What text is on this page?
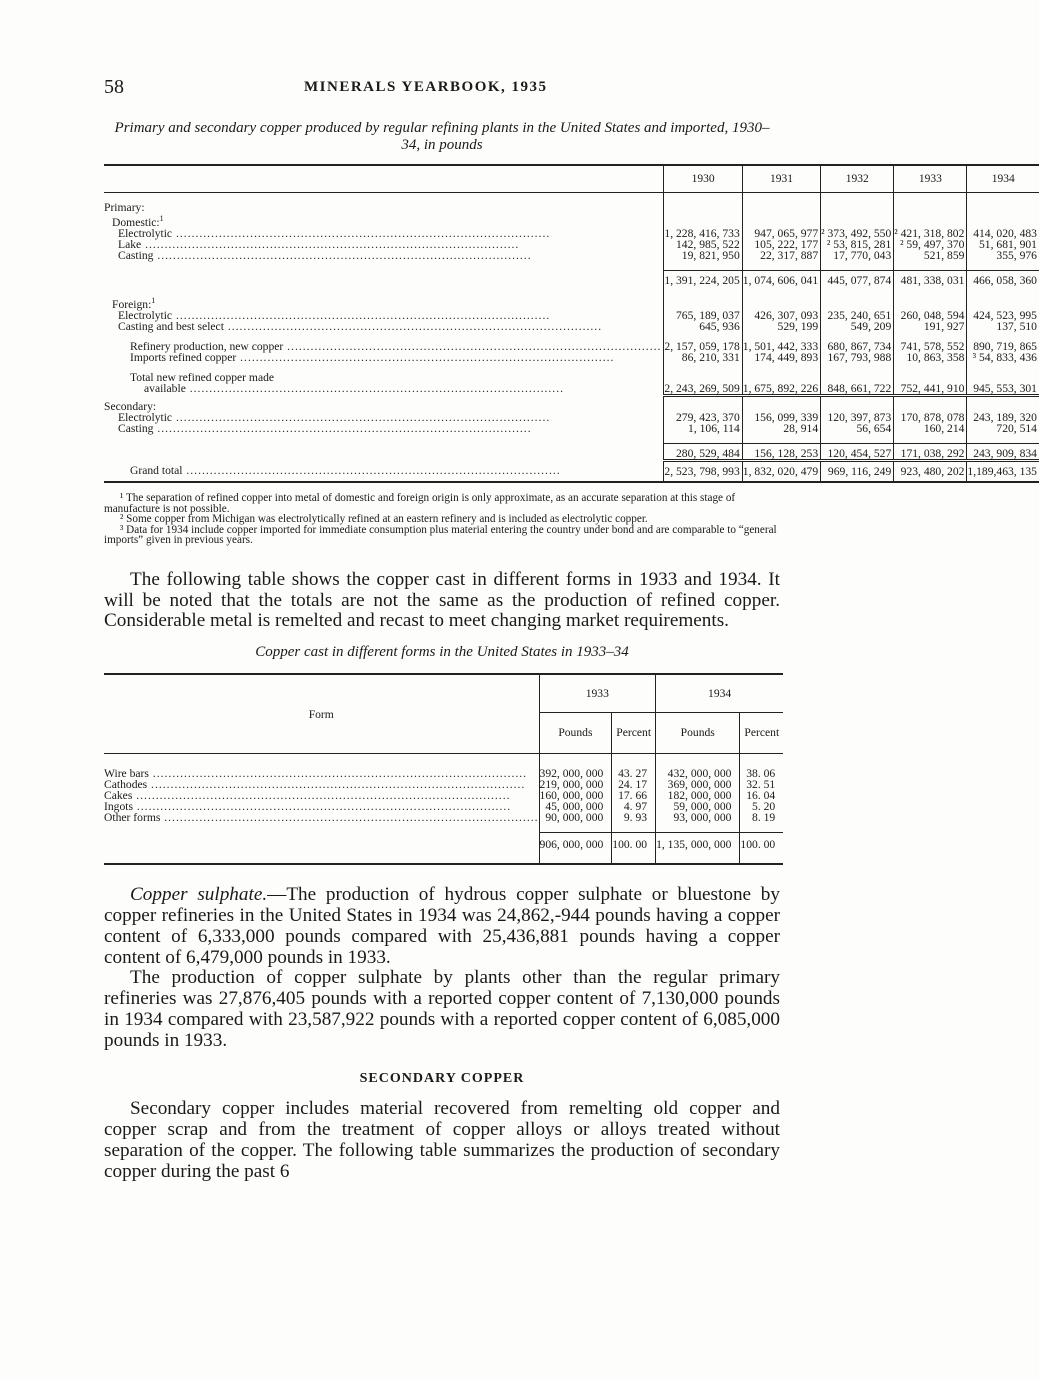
58	MINERALS YEARBOOK, 1935
Primary and secondary copper produced by regular refining plants in the United States and imported, 1930–34, in pounds
	1930	1931	1932	1933	1934

Primary:					
Domestic:$^1$					
Electrolytic .....	1, 228, 416, 733	947, 065, 977	² 373, 492, 550	² 421, 318, 802	414, 020, 483
Lake .....	142, 985, 522	105, 222, 177	² 53, 815, 281	² 59, 497, 370	51, 681, 901
Casting .....	19, 821, 950	22, 317, 887	17, 770, 043	521, 859	355, 976

	1, 391, 224, 205	1, 074, 606, 041	445, 077, 874	481, 338, 031	466, 058, 360

Foreign:$^1$					
Electrolytic .....	765, 189, 037	426, 307, 093	235, 240, 651	260, 048, 594	424, 523, 995
Casting and best select .....	645, 936	529, 199	549, 209	191, 927	137, 510

Refinery production, new copper .....	2, 157, 059, 178	1, 501, 442, 333	680, 867, 734	741, 578, 552	890, 719, 865
Imports refined copper .....	86, 210, 331	174, 449, 893	167, 793, 988	10, 863, 358	³ 54, 833, 436

Total new refined copper made					
available .....	2, 243, 269, 509	1, 675, 892, 226	848, 661, 722	752, 441, 910	945, 553, 301

Secondary:					
Electrolytic .....	279, 423, 370	156, 099, 339	120, 397, 873	170, 878, 078	243, 189, 320
Casting .....	1, 106, 114	28, 914	56, 654	160, 214	720, 514

	280, 529, 484	156, 128, 253	120, 454, 527	171, 038, 292	243, 909, 834
Grand total .....	2, 523, 798, 993	1, 832, 020, 479	969, 116, 249	923, 480, 202	1,189,463, 135

¹ The separation of refined copper into metal of domestic and foreign origin is only approximate, as an accurate separation at this stage of manufacture is not possible.

² Some copper from Michigan was electrolytically refined at an eastern refinery and is included as electrolytic copper.

³ Data for 1934 include copper imported for immediate consumption plus material entering the country under bond and are comparable to “general imports” given in previous years.

The following table shows the copper cast in different forms in 1933 and 1934. It will be noted that the totals are not the same as the production of refined copper. Considerable metal is remelted and recast to meet changing market requirements.

Copper cast in different forms in the United States in 1933–34
Form	1933		1934	
	Pounds	Percent	Pounds	Percent

Wire bars .....	392, 000, 000	43. 27	432, 000, 000	38. 06
Cathodes .....	219, 000, 000	24. 17	369, 000, 000	32. 51
Cakes .....	160, 000, 000	17. 66	182, 000, 000	16. 04
Ingots .....	45, 000, 000	4. 97	59, 000, 000	5. 20
Other forms .....	90, 000, 000	9. 93	93, 000, 000	8. 19

	906, 000, 000	100. 00	1, 135, 000, 000	100. 00

Copper sulphate.—The production of hydrous copper sulphate or bluestone by copper refineries in the United States in 1934 was 24,862,-944 pounds having a copper content of 6,333,000 pounds compared with 25,436,881 pounds having a copper content of 6,479,000 pounds in 1933.

The production of copper sulphate by plants other than the regular primary refineries was 27,876,405 pounds with a reported copper content of 7,130,000 pounds in 1934 compared with 23,587,922 pounds with a reported copper content of 6,085,000 pounds in 1933.

SECONDARY COPPER

Secondary copper includes material recovered from remelting old copper and copper scrap and from the treatment of copper alloys or alloys treated without separation of the copper. The following table summarizes the production of secondary copper during the past 6
